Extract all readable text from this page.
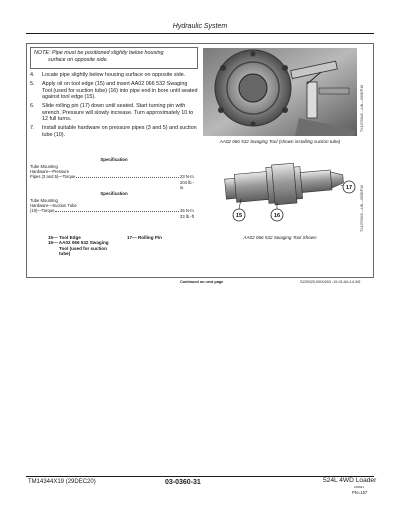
Hydraulic System
NOTE: Pipe must be positioned slightly below housing
surface on opposite side.
4.	Locate pipe slightly below housing surface on opposite side.
5.	Apply oil on tool edge (15) and insert AA02 066 532 Swaging Tool (used for suction tube) (16) into pipe end in bore until seated against tool edge (15).
6.	Slide rolling pin (17) down until seated. Start turning pin with wrench. Pressure will slowly increase. Turn approximately 10 to 12 full turns.
7.	Install suitable hardware on pressure pipes (3 and 5) and suction tube (10).
Specification
Tube Mounting
Hardware—Pressure
Pipes (3 and 5)—Torque	23 N·m
204 lb.-in.
Specification
Tube Mounting
Hardware—Suction Tube
(10)—Torque	45 N·m
33 lb.-ft
15— Tool Edge
16— AA02 066 532 Swaging
Tool (used for suction
tube)
17— Rolling Pin
AA02 066 532 Swaging Tool (shown installing suction tube)
TX1076948 —UN—09SEP10
15	16
17
AA02 066 532 Swaging Tool Shown
TX1076949 —UN—09SEP10
Continued on next page	SJ25020,0000453 -19-01JUL14-3/6
TM14344X19 (29DEC20)	03-0360-31	524L 4WD Loader
100921
PN=157
